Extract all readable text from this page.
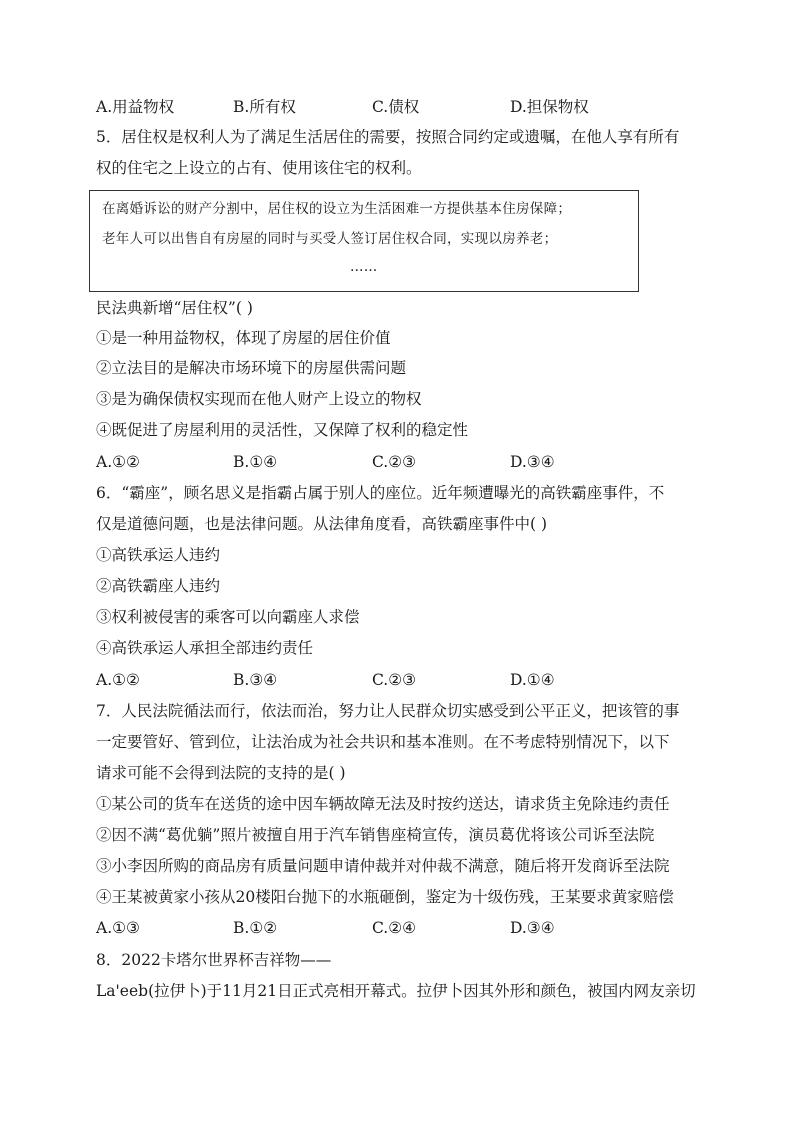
A.用益物权	B.所有权	C.债权	D.担保物权
5．居住权是权利人为了满足生活居住的需要，按照合同约定或遗嘱，在他人享有所有
权的住宅之上设立的占有、使用该住宅的权利。
在离婚诉讼的财产分割中，居住权的设立为生活困难一方提供基本住房保障；
老年人可以出售自有房屋的同时与买受人签订居住权合同，实现以房养老；
……
民法典新增“居住权”( )
①是一种用益物权，体现了房屋的居住价值
②立法目的是解决市场环境下的房屋供需问题
③是为确保债权实现而在他人财产上设立的物权
④既促进了房屋利用的灵活性，又保障了权利的稳定性
A.①②	B.①④	C.②③	D.③④
6．“霸座”，顾名思义是指霸占属于别人的座位。近年频遭曝光的高铁霸座事件，不
仅是道德问题，也是法律问题。从法律角度看，高铁霸座事件中( )
①高铁承运人违约
②高铁霸座人违约
③权利被侵害的乘客可以向霸座人求偿
④高铁承运人承担全部违约责任
A.①②	B.③④	C.②③	D.①④
7．人民法院循法而行，依法而治，努力让人民群众切实感受到公平正义，把该管的事
一定要管好、管到位，让法治成为社会共识和基本准则。在不考虑特别情况下，以下
请求可能不会得到法院的支持的是( )
①某公司的货车在送货的途中因车辆故障无法及时按约送达，请求货主免除违约责任
②因不满“葛优躺”照片被擅自用于汽车销售座椅宣传，演员葛优将该公司诉至法院
③小李因所购的商品房有质量问题申请仲裁并对仲裁不满意，随后将开发商诉至法院
④王某被黄家小孩从20楼阳台抛下的水瓶砸倒，鉴定为十级伤残，王某要求黄家赔偿
A.①③	B.①②	C.②④	D.③④
8．2022卡塔尔世界杯吉祥物——
La'eeb(拉伊卜)于11月21日正式亮相开幕式。拉伊卜因其外形和颜色，被国内网友亲切
